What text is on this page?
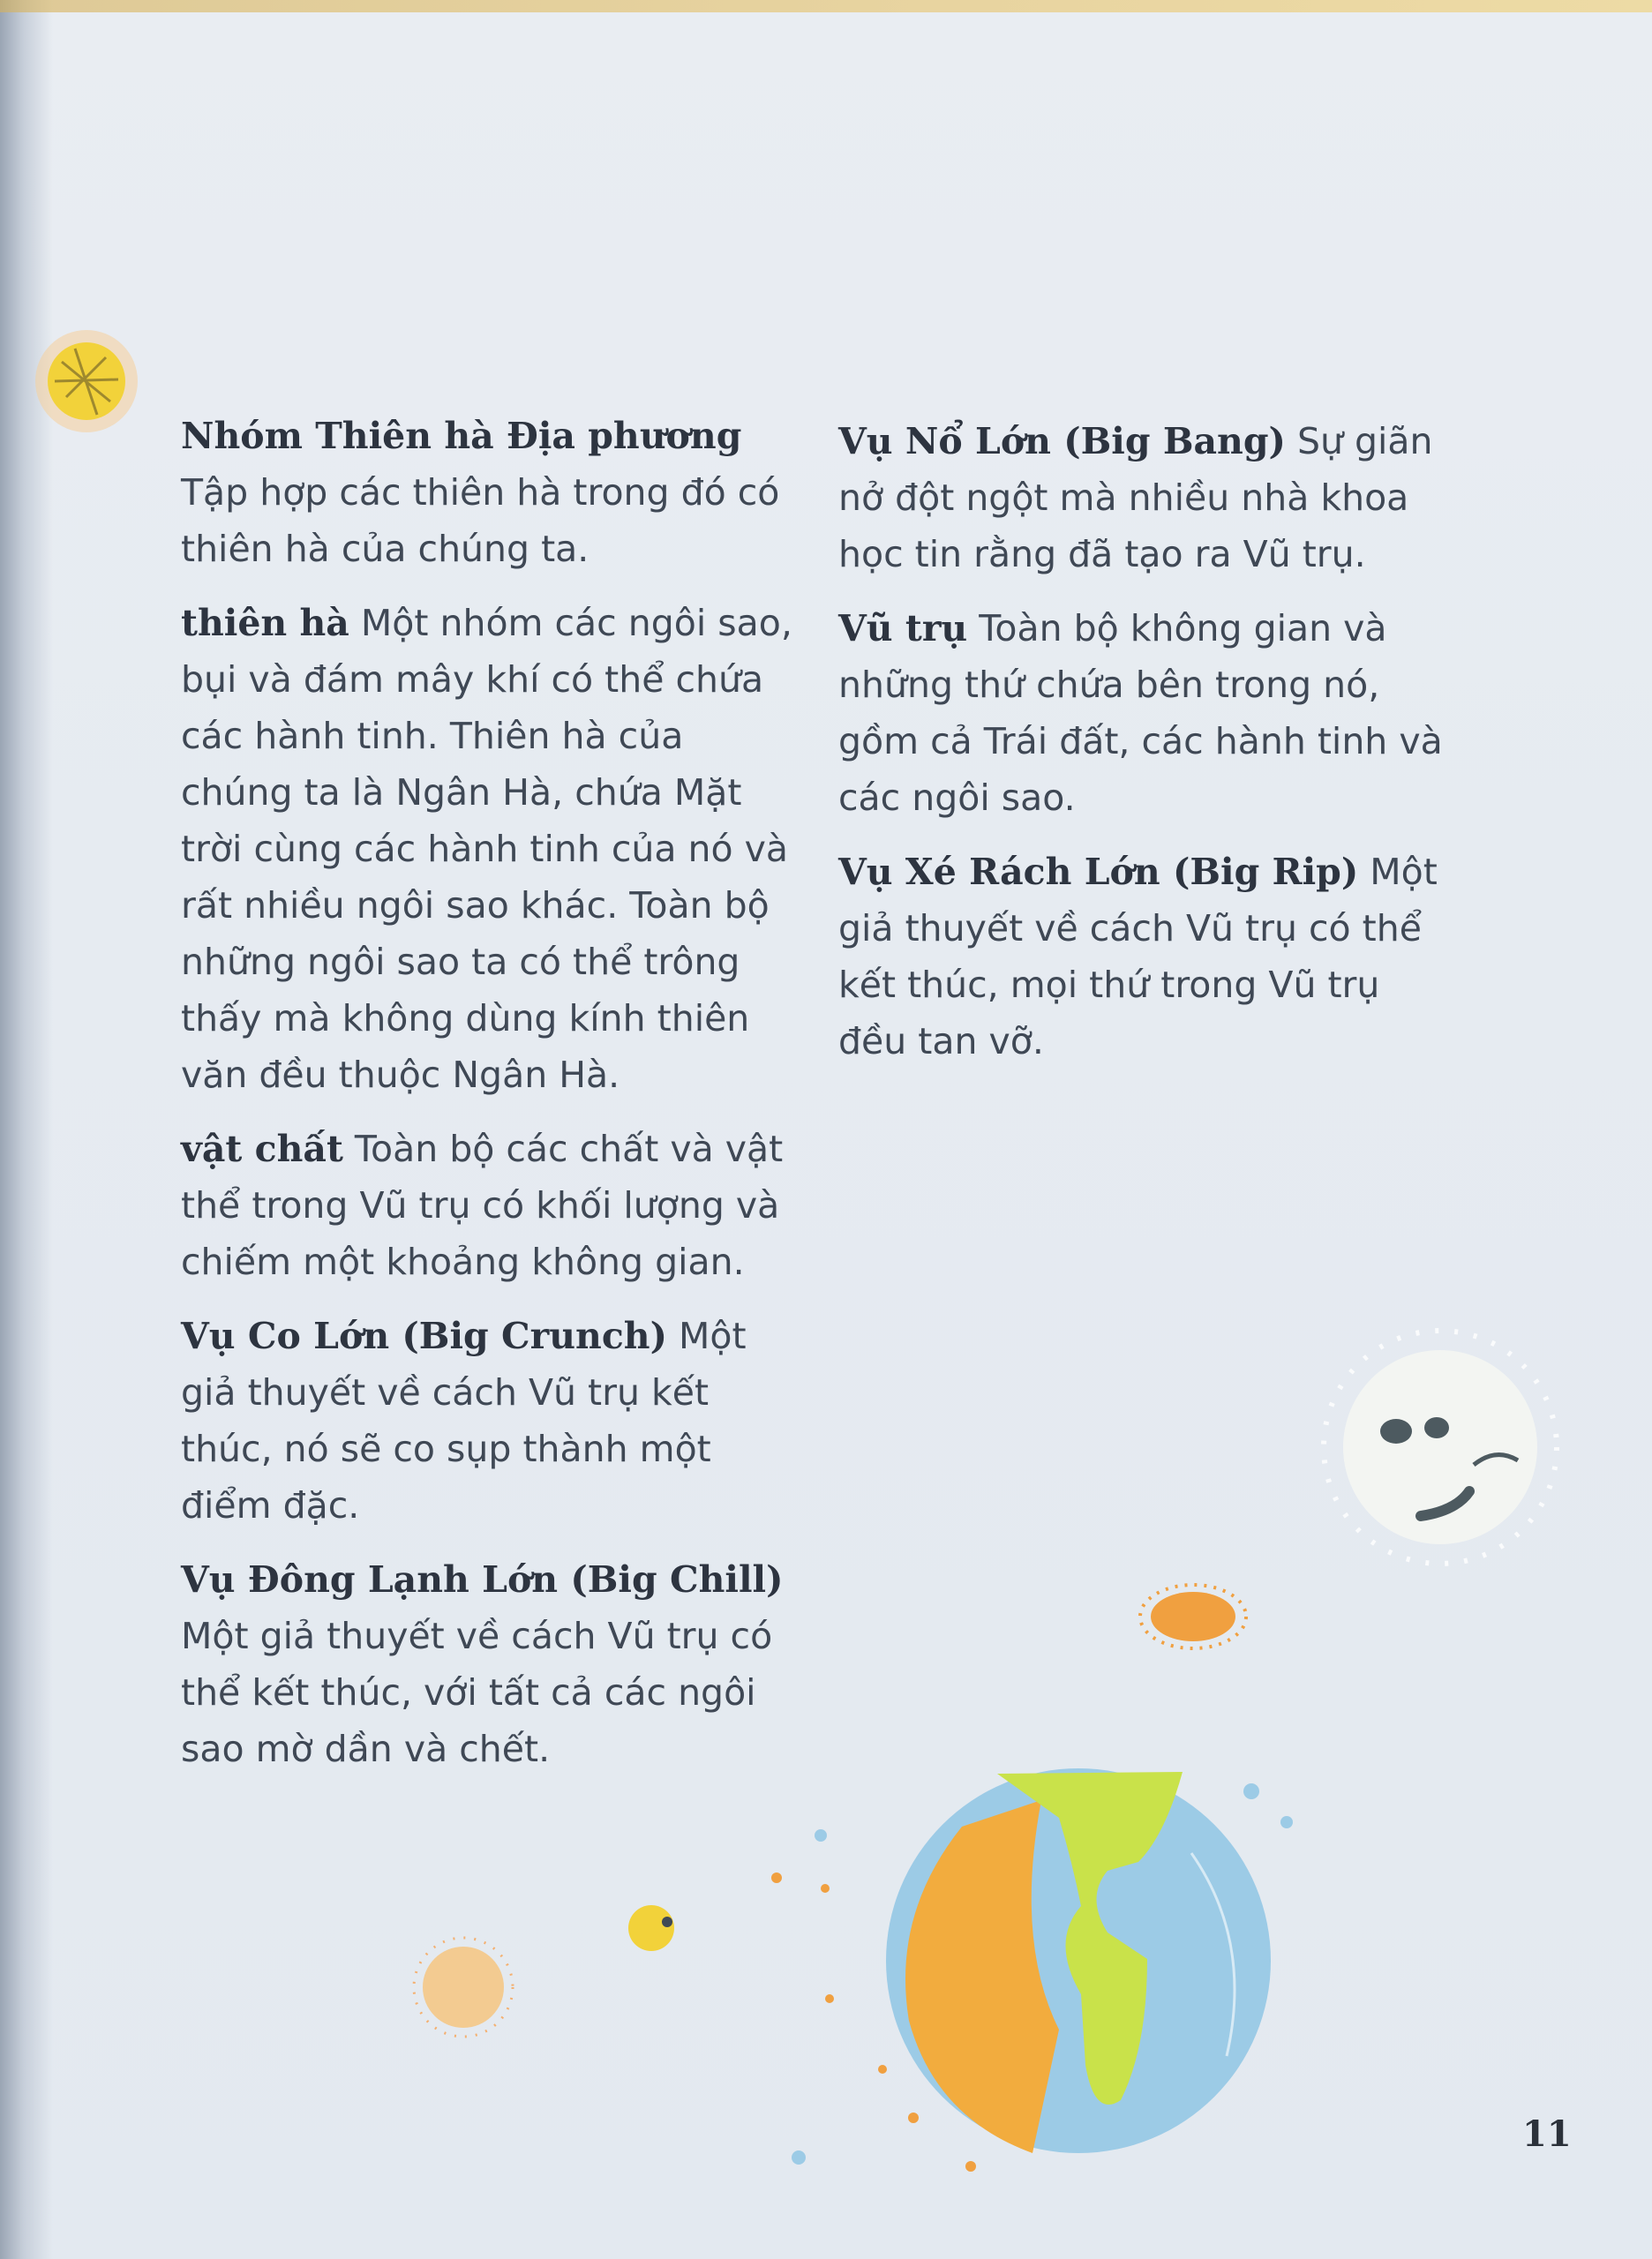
Nhóm Thiên hà Địa phương
Tập hợp các thiên hà trong đó có thiên hà của chúng ta.

thiên hà Một nhóm các ngôi sao, bụi và đám mây khí có thể chứa các hành tinh. Thiên hà của chúng ta là Ngân Hà, chứa Mặt trời cùng các hành tinh của nó và rất nhiều ngôi sao khác. Toàn bộ những ngôi sao ta có thể trông thấy mà không dùng kính thiên văn đều thuộc Ngân Hà.

vật chất Toàn bộ các chất và vật thể trong Vũ trụ có khối lượng và chiếm một khoảng không gian.

Vụ Co Lớn (Big Crunch) Một giả thuyết về cách Vũ trụ kết thúc, nó sẽ co sụp thành một điểm đặc.

Vụ Đông Lạnh Lớn (Big Chill)
Một giả thuyết về cách Vũ trụ có thể kết thúc, với tất cả các ngôi sao mờ dần và chết.

Vụ Nổ Lớn (Big Bang) Sự giãn nở đột ngột mà nhiều nhà khoa học tin rằng đã tạo ra Vũ trụ.

Vũ trụ Toàn bộ không gian và những thứ chứa bên trong nó, gồm cả Trái đất, các hành tinh và các ngôi sao.

Vụ Xé Rách Lớn (Big Rip) Một giả thuyết về cách Vũ trụ có thể kết thúc, mọi thứ trong Vũ trụ đều tan vỡ.

11
